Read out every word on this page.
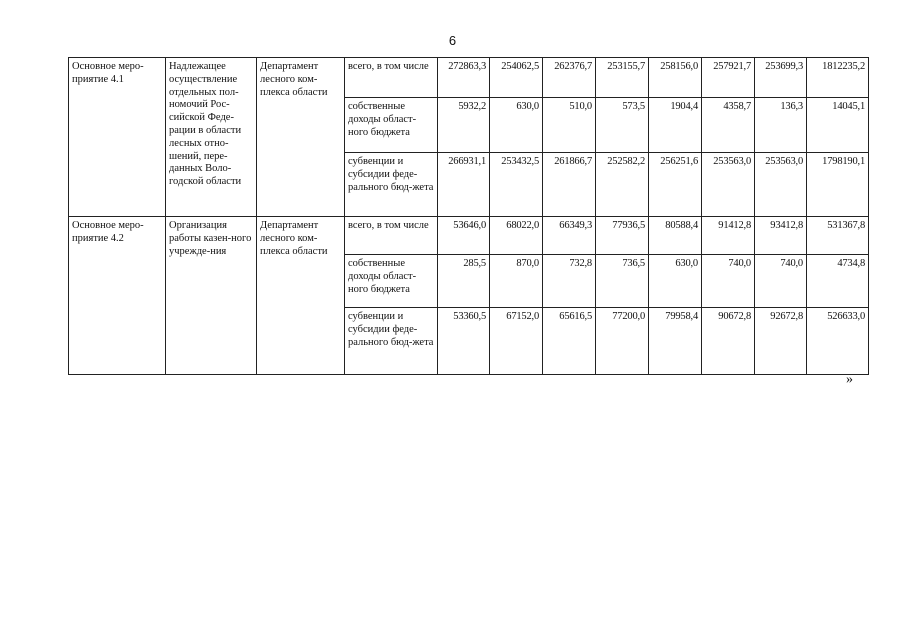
6
Основное меро-приятие 4.1	Надлежащее осуществление отдельных пол-номочий Рос-сийской Феде-рации в области лесных отно-шений, пере-данных Воло-годской области	Департамент лесного ком-плекса области	всего, в том числе	272863,3	254062,5	262376,7	253155,7	258156,0	257921,7	253699,3	1812235,2
			собственные доходы област-ного бюджета	5932,2	630,0	510,0	573,5	1904,4	4358,7	136,3	14045,1
			субвенции и субсидии феде-рального бюд-жета	266931,1	253432,5	261866,7	252582,2	256251,6	253563,0	253563,0	1798190,1
Основное меро-приятие 4.2	Организация работы казен-ного учрежде-ния	Департамент лесного ком-плекса области	всего, в том числе	53646,0	68022,0	66349,3	77936,5	80588,4	91412,8	93412,8	531367,8
			собственные доходы област-ного бюджета	285,5	870,0	732,8	736,5	630,0	740,0	740,0	4734,8
			субвенции и субсидии феде-рального бюд-жета	53360,5	67152,0	65616,5	77200,0	79958,4	90672,8	92672,8	526633,0
»
